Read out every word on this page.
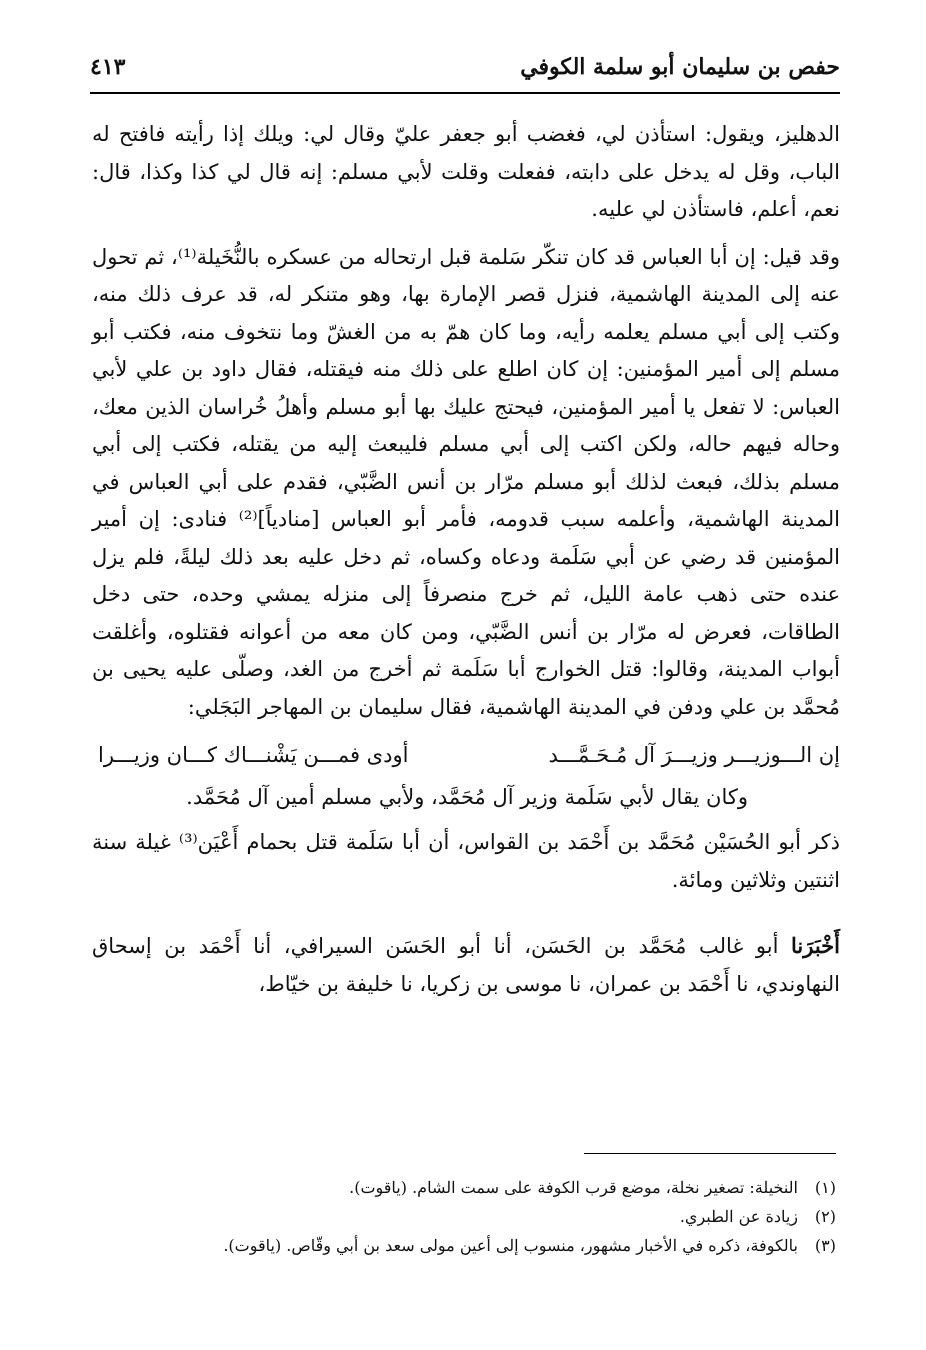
حفص بن سليمان أبو سلمة الكوفي
٤١٣

الدهليز، ويقول: استأذن لي، فغضب أبو جعفر عليّ وقال لي: ويلك إذا رأيته فافتح له الباب، وقل له يدخل على دابته، ففعلت وقلت لأبي مسلم: إنه قال لي كذا وكذا، قال: نعم، أعلم، فاستأذن لي عليه.

وقد قيل: إن أبا العباس قد كان تنكّر سَلمة قبل ارتحاله من عسكره بالنُّخَيلة⁽¹⁾، ثم تحول عنه إلى المدينة الهاشمية، فنزل قصر الإمارة بها، وهو متنكر له، قد عرف ذلك منه، وكتب إلى أبي مسلم يعلمه رأيه، وما كان همّ به من الغشّ وما نتخوف منه، فكتب أبو مسلم إلى أمير المؤمنين: إن كان اطلع على ذلك منه فيقتله، فقال داود بن علي لأبي العباس: لا تفعل يا أمير المؤمنين، فيحتج عليك بها أبو مسلم وأهلُ خُراسان الذين معك، وحاله فيهم حاله، ولكن اكتب إلى أبي مسلم فليبعث إليه من يقتله، فكتب إلى أبي مسلم بذلك، فبعث لذلك أبو مسلم مرّار بن أنس الضَّبّي، فقدم على أبي العباس في المدينة الهاشمية، وأعلمه سبب قدومه، فأمر أبو العباس [منادياً]⁽²⁾ فنادى: إن أمير المؤمنين قد رضي عن أبي سَلَمة ودعاه وكساه، ثم دخل عليه بعد ذلك ليلةً، فلم يزل عنده حتى ذهب عامة الليل، ثم خرج منصرفاً إلى منزله يمشي وحده، حتى دخل الطاقات، فعرض له مرّار بن أنس الضَّبّي، ومن كان معه من أعوانه فقتلوه، وأغلقت أبواب المدينة، وقالوا: قتل الخوارج أبا سَلَمة ثم أخرج من الغد، وصلّى عليه يحيى بن مُحمَّد بن علي ودفن في المدينة الهاشمية، فقال سليمان بن المهاجر البَجَلي:

إن الـــوزيـــر وزيـــرَ آل مُـحَـمَّـــد
أودى فمـــن يَشْنـــاك كـــان وزيـــرا

وكان يقال لأبي سَلَمة وزير آل مُحَمَّد، ولأبي مسلم أمين آل مُحَمَّد.

ذكر أبو الحُسَيْن مُحَمَّد بن أَحْمَد بن القواس، أن أبا سَلَمة قتل بحمام أَعْيَن⁽³⁾ غيلة سنة اثنتين وثلاثين ومائة.

أَخْبَرَنا أبو غالب مُحَمَّد بن الحَسَن، أنا أبو الحَسَن السيرافي، أنا أَحْمَد بن إسحاق النهاوندي، نا أَحْمَد بن عمران، نا موسى بن زكريا، نا خليفة بن خيّاط،

(١)
النخيلة: تصغير نخلة، موضع قرب الكوفة على سمت الشام. (ياقوت).
(٢)
زيادة عن الطبري.
(٣)
بالكوفة، ذكره في الأخبار مشهور، منسوب إلى أعين مولى سعد بن أبي وقّاص. (ياقوت).
